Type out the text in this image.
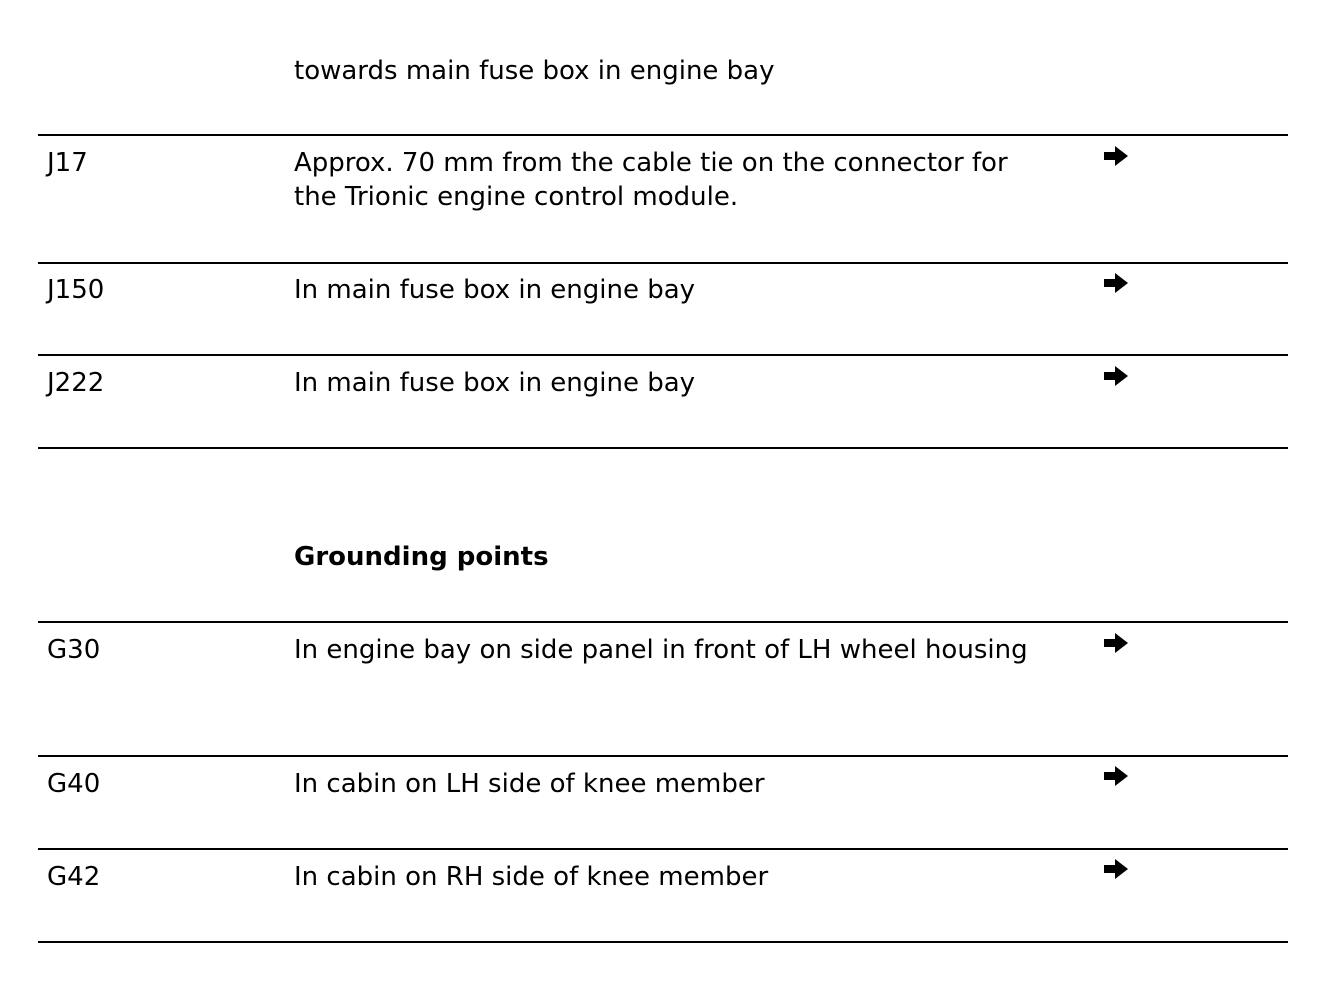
towards main fuse box in engine bay
J17	Approx. 70 mm from the cable tie on the connector for
the Trionic engine control module.
J150	In main fuse box in engine bay
J222	In main fuse box in engine bay
Grounding points
G30	In engine bay on side panel in front of LH wheel housing
G40	In cabin on LH side of knee member
G42	In cabin on RH side of knee member
